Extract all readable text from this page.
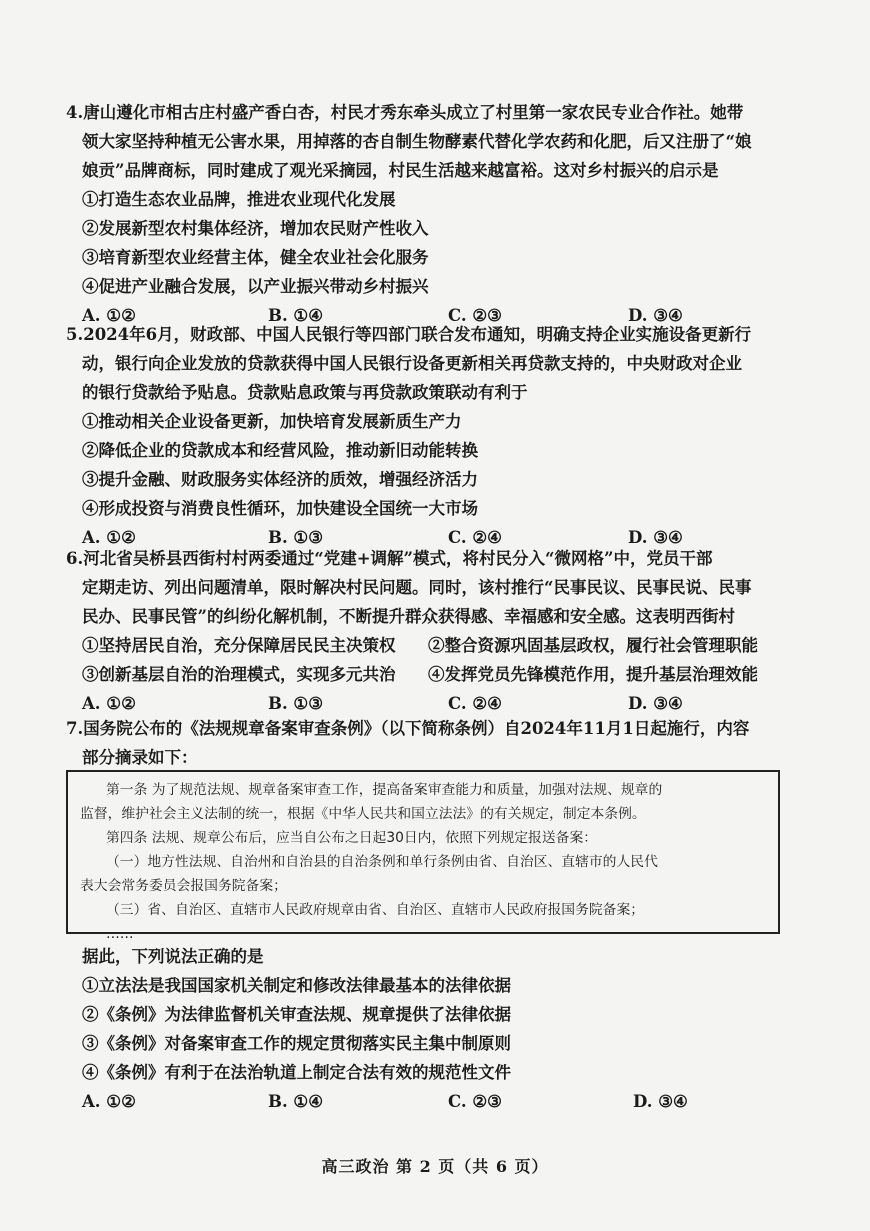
4.唐山遵化市相古庄村盛产香白杏，村民才秀东牵头成立了村里第一家农民专业合作社。她带
领大家坚持种植无公害水果，用掉落的杏自制生物酵素代替化学农药和化肥，后又注册了“娘
娘贡”品牌商标，同时建成了观光采摘园，村民生活越来越富裕。这对乡村振兴的启示是
①打造生态农业品牌，推进农业现代化发展
②发展新型农村集体经济，增加农民财产性收入
③培育新型农业经营主体，健全农业社会化服务
④促进产业融合发展，以产业振兴带动乡村振兴
A. ①②	B. ①④	C. ②③	D. ③④
5.2024年6月，财政部、中国人民银行等四部门联合发布通知，明确支持企业实施设备更新行
动，银行向企业发放的贷款获得中国人民银行设备更新相关再贷款支持的，中央财政对企业
的银行贷款给予贴息。贷款贴息政策与再贷款政策联动有利于
①推动相关企业设备更新，加快培育发展新质生产力
②降低企业的贷款成本和经营风险，推动新旧动能转换
③提升金融、财政服务实体经济的质效，增强经济活力
④形成投资与消费良性循环，加快建设全国统一大市场
A. ①②	B. ①③	C. ②④	D. ③④
6.河北省吴桥县西街村村两委通过“党建+调解”模式，将村民分入“微网格”中，党员干部
定期走访、列出问题清单，限时解决村民问题。同时，该村推行“民事民议、民事民说、民事
民办、民事民管”的纠纷化解机制，不断提升群众获得感、幸福感和安全感。这表明西街村
①坚持居民自治，充分保障居民民主决策权	②整合资源巩固基层政权，履行社会管理职能
③创新基层自治的治理模式，实现多元共治	④发挥党员先锋模范作用，提升基层治理效能
A. ①②	B. ①③	C. ②④	D. ③④
7.国务院公布的《法规规章备案审查条例》（以下简称条例）自2024年11月1日起施行，内容
部分摘录如下：
第一条 为了规范法规、规章备案审查工作，提高备案审查能力和质量，加强对法规、规章的
监督，维护社会主义法制的统一，根据《中华人民共和国立法法》的有关规定，制定本条例。
第四条 法规、规章公布后，应当自公布之日起30日内，依照下列规定报送备案：
（一）地方性法规、自治州和自治县的自治条例和单行条例由省、自治区、直辖市的人民代
表大会常务委员会报国务院备案；
（三）省、自治区、直辖市人民政府规章由省、自治区、直辖市人民政府报国务院备案；
……
据此，下列说法正确的是
①立法法是我国国家机关制定和修改法律最基本的法律依据
②《条例》为法律监督机关审查法规、规章提供了法律依据
③《条例》对备案审查工作的规定贯彻落实民主集中制原则
④《条例》有利于在法治轨道上制定合法有效的规范性文件
A. ①②	B. ①④	C. ②③	D. ③④
高三政治 第 2 页（共 6 页）
